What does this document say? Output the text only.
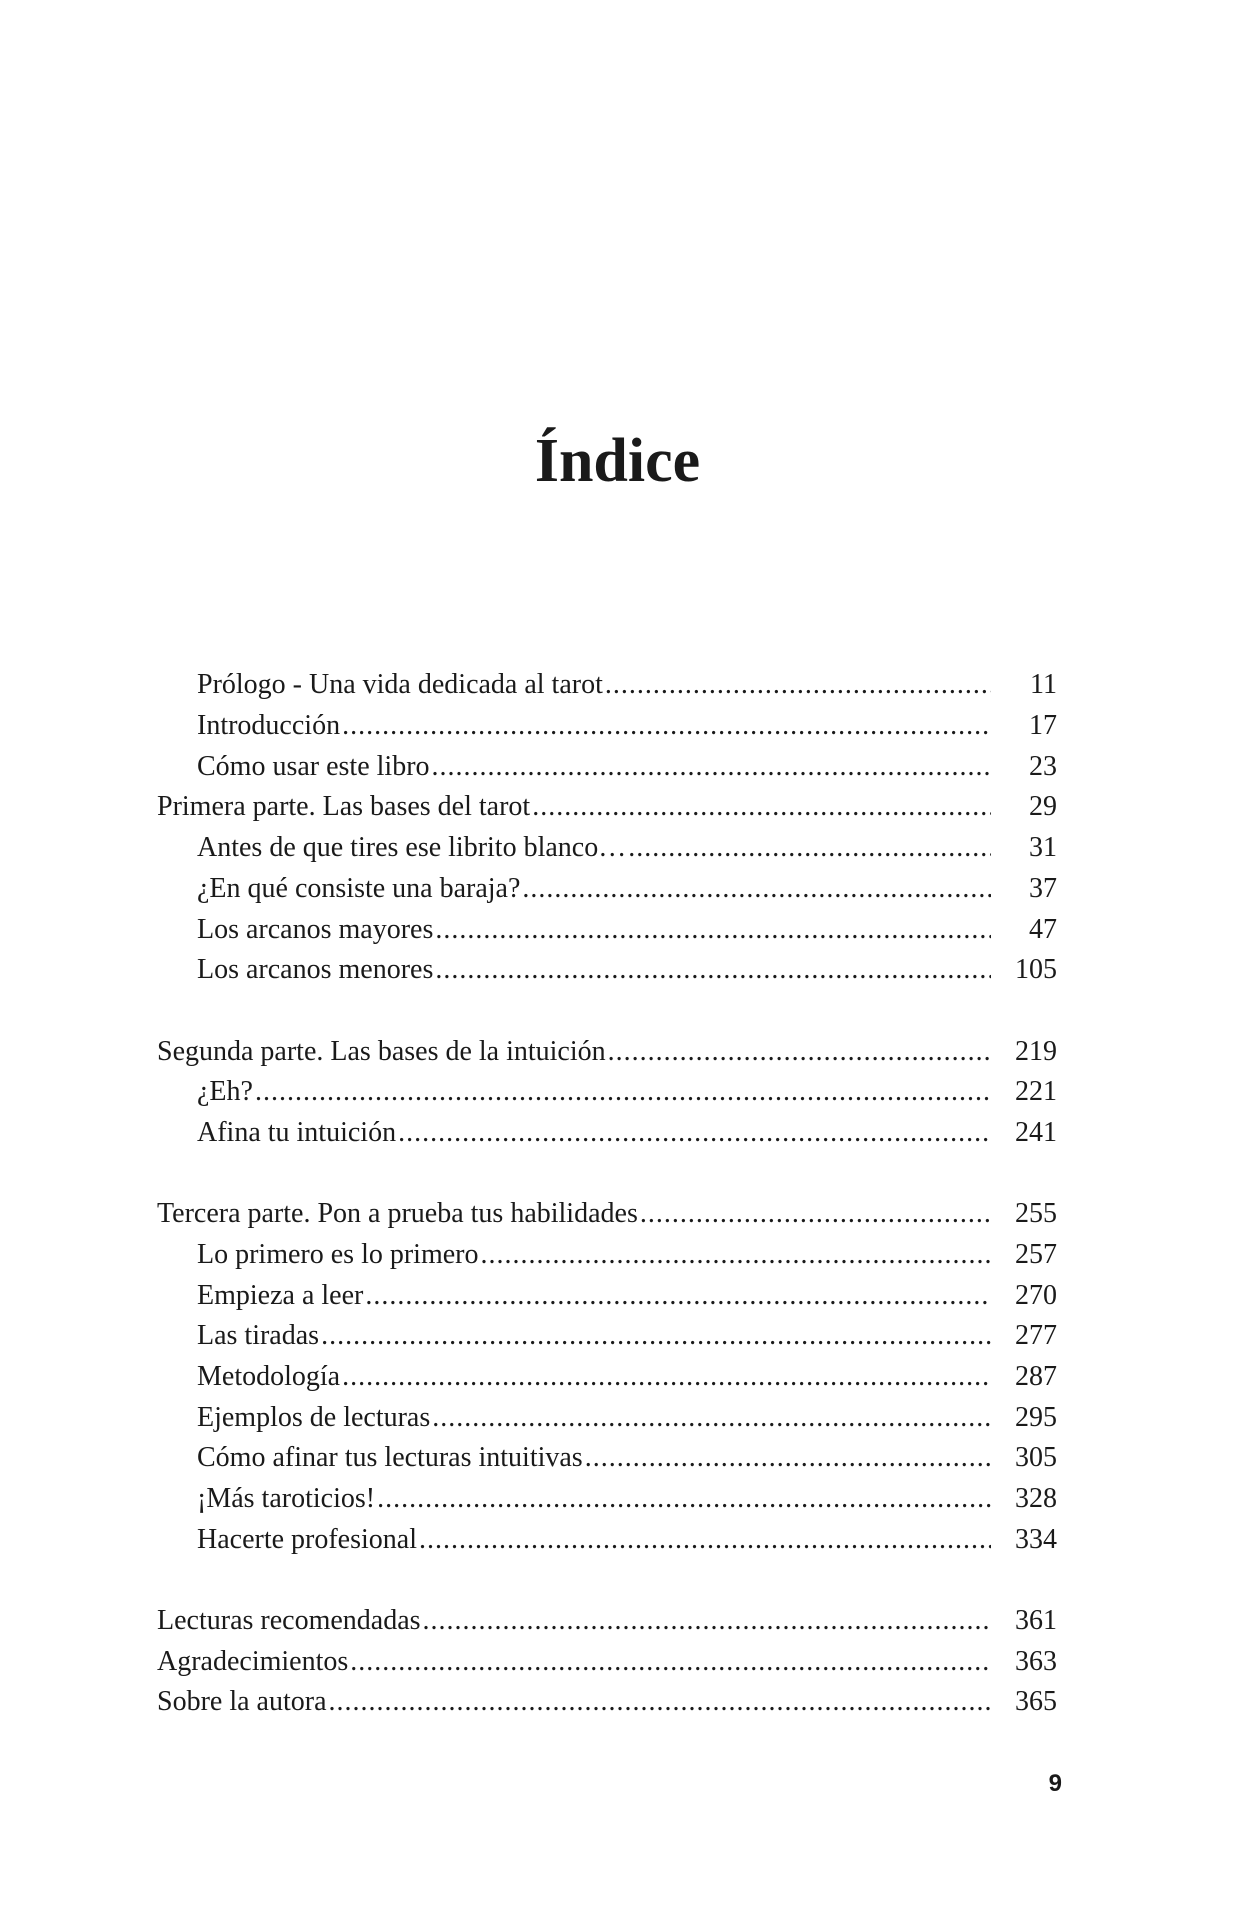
Índice
Prólogo - Una vida dedicada al tarot .....	11
Introducción .....	17
Cómo usar este libro .....	23
Primera parte. Las bases del tarot .....	29
Antes de que tires ese librito blanco… .....	31
¿En qué consiste una baraja? .....	37
Los arcanos mayores .....	47
Los arcanos menores .....	105
Segunda parte. Las bases de la intuición .....	219
¿Eh? .....	221
Afina tu intuición .....	241
Tercera parte. Pon a prueba tus habilidades .....	255
Lo primero es lo primero .....	257
Empieza a leer .....	270
Las tiradas .....	277
Metodología .....	287
Ejemplos de lecturas .....	295
Cómo afinar tus lecturas intuitivas .....	305
¡Más taroticios! .....	328
Hacerte profesional .....	334
Lecturas recomendadas .....	361
Agradecimientos .....	363
Sobre la autora .....	365
9
